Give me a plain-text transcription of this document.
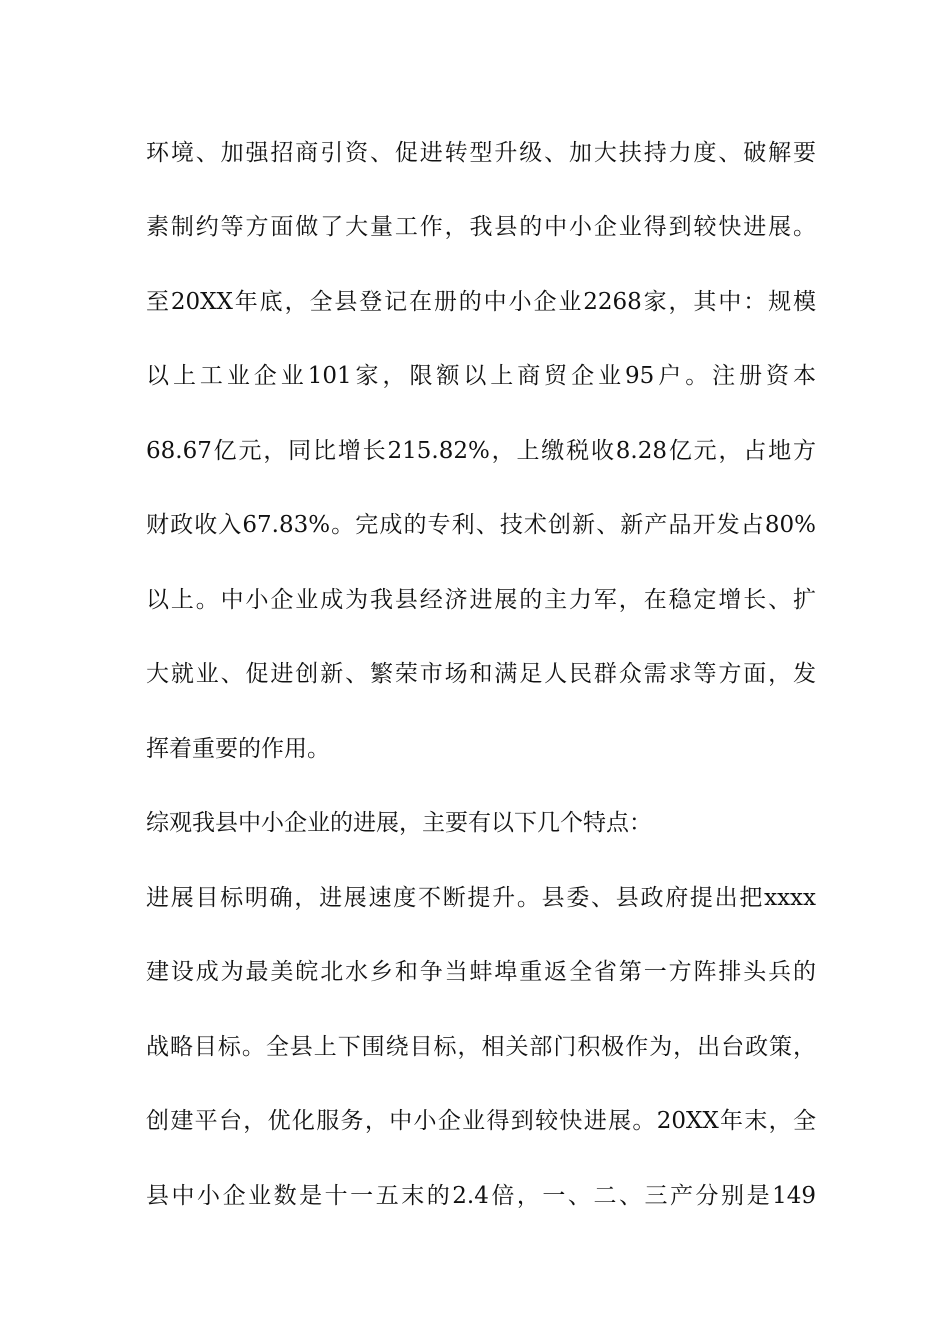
环境、加强招商引资、促进转型升级、加大扶持力度、破解要
素制约等方面做了大量工作，我县的中小企业得到较快进展。
至20XX年底，全县登记在册的中小企业2268家，其中：规模
以上工业企业101家，限额以上商贸企业95户。注册资本
68.67亿元，同比增长215.82%，上缴税收8.28亿元，占地方
财政收入67.83%。完成的专利、技术创新、新产品开发占80%
以上。中小企业成为我县经济进展的主力军，在稳定增长、扩
大就业、促进创新、繁荣市场和满足人民群众需求等方面，发
挥着重要的作用。
综观我县中小企业的进展，主要有以下几个特点：
进展目标明确，进展速度不断提升。县委、县政府提出把xxxx
建设成为最美皖北水乡和争当蚌埠重返全省第一方阵排头兵的
战略目标。全县上下围绕目标，相关部门积极作为，出台政策，
创建平台，优化服务，中小企业得到较快进展。20XX年末，全
县中小企业数是十一五末的2.4倍，一、二、三产分别是149
